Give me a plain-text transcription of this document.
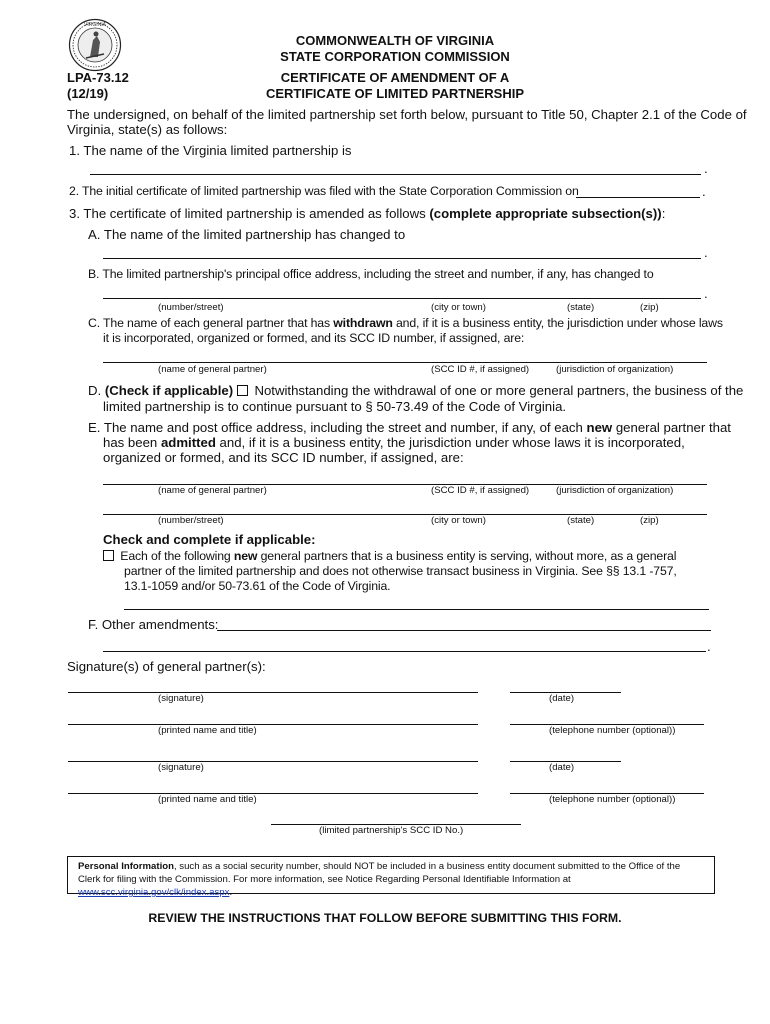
VIRGINIA
COMMONWEALTH OF VIRGINIA
STATE CORPORATION COMMISSION
CERTIFICATE OF AMENDMENT OF A
CERTIFICATE OF LIMITED PARTNERSHIP
LPA-73.12
(12/19)
The undersigned, on behalf of the limited partnership set forth below, pursuant to Title 50, Chapter 2.1 of the Code of
Virginia, state(s) as follows:
1. The name of the Virginia limited partnership is
.
2. The initial certificate of limited partnership was filed with the State Corporation Commission on	.
3. The certificate of limited partnership is amended as follows (complete appropriate subsection(s)):
A. The name of the limited partnership has changed to
.
B. The limited partnership's principal office address, including the street and number, if any, has changed to
.
(number/street)	(city or town)	(state)	(zip)
C. The name of each general partner that has withdrawn and, if it is a business entity, the jurisdiction under whose laws
it is incorporated, organized or formed, and its SCC ID number, if assigned, are:
(name of general partner)	(SCC ID #, if assigned)	(jurisdiction of organization)
D. (Check if applicable)  Notwithstanding the withdrawal of one or more general partners, the business of the
limited partnership is to continue pursuant to § 50-73.49 of the Code of Virginia.
E. The name and post office address, including the street and number, if any, of each new general partner that
has been admitted and, if it is a business entity, the jurisdiction under whose laws it is incorporated,
organized or formed, and its SCC ID number, if assigned, are:
(name of general partner)	(SCC ID #, if assigned)	(jurisdiction of organization)
(number/street)	(city or town)	(state)	(zip)
Check and complete if applicable:
Each of the following new general partners that is a business entity is serving, without more, as a general
partner of the limited partnership and does not otherwise transact business in Virginia. See §§ 13.1 -757,
13.1-1059 and/or 50-73.61 of the Code of Virginia.
F. Other amendments:
.
Signature(s) of general partner(s):
(signature)	(date)
(printed name and title)	(telephone number (optional))
(signature)	(date)
(printed name and title)	(telephone number (optional))
(limited partnership's SCC ID No.)
Personal Information, such as a social security number, should NOT be included in a business entity document submitted to the Office of the Clerk for filing with the Commission. For more information, see Notice Regarding Personal Identifiable Information at www.scc.virginia.gov/clk/index.aspx.
REVIEW THE INSTRUCTIONS THAT FOLLOW BEFORE SUBMITTING THIS FORM.
